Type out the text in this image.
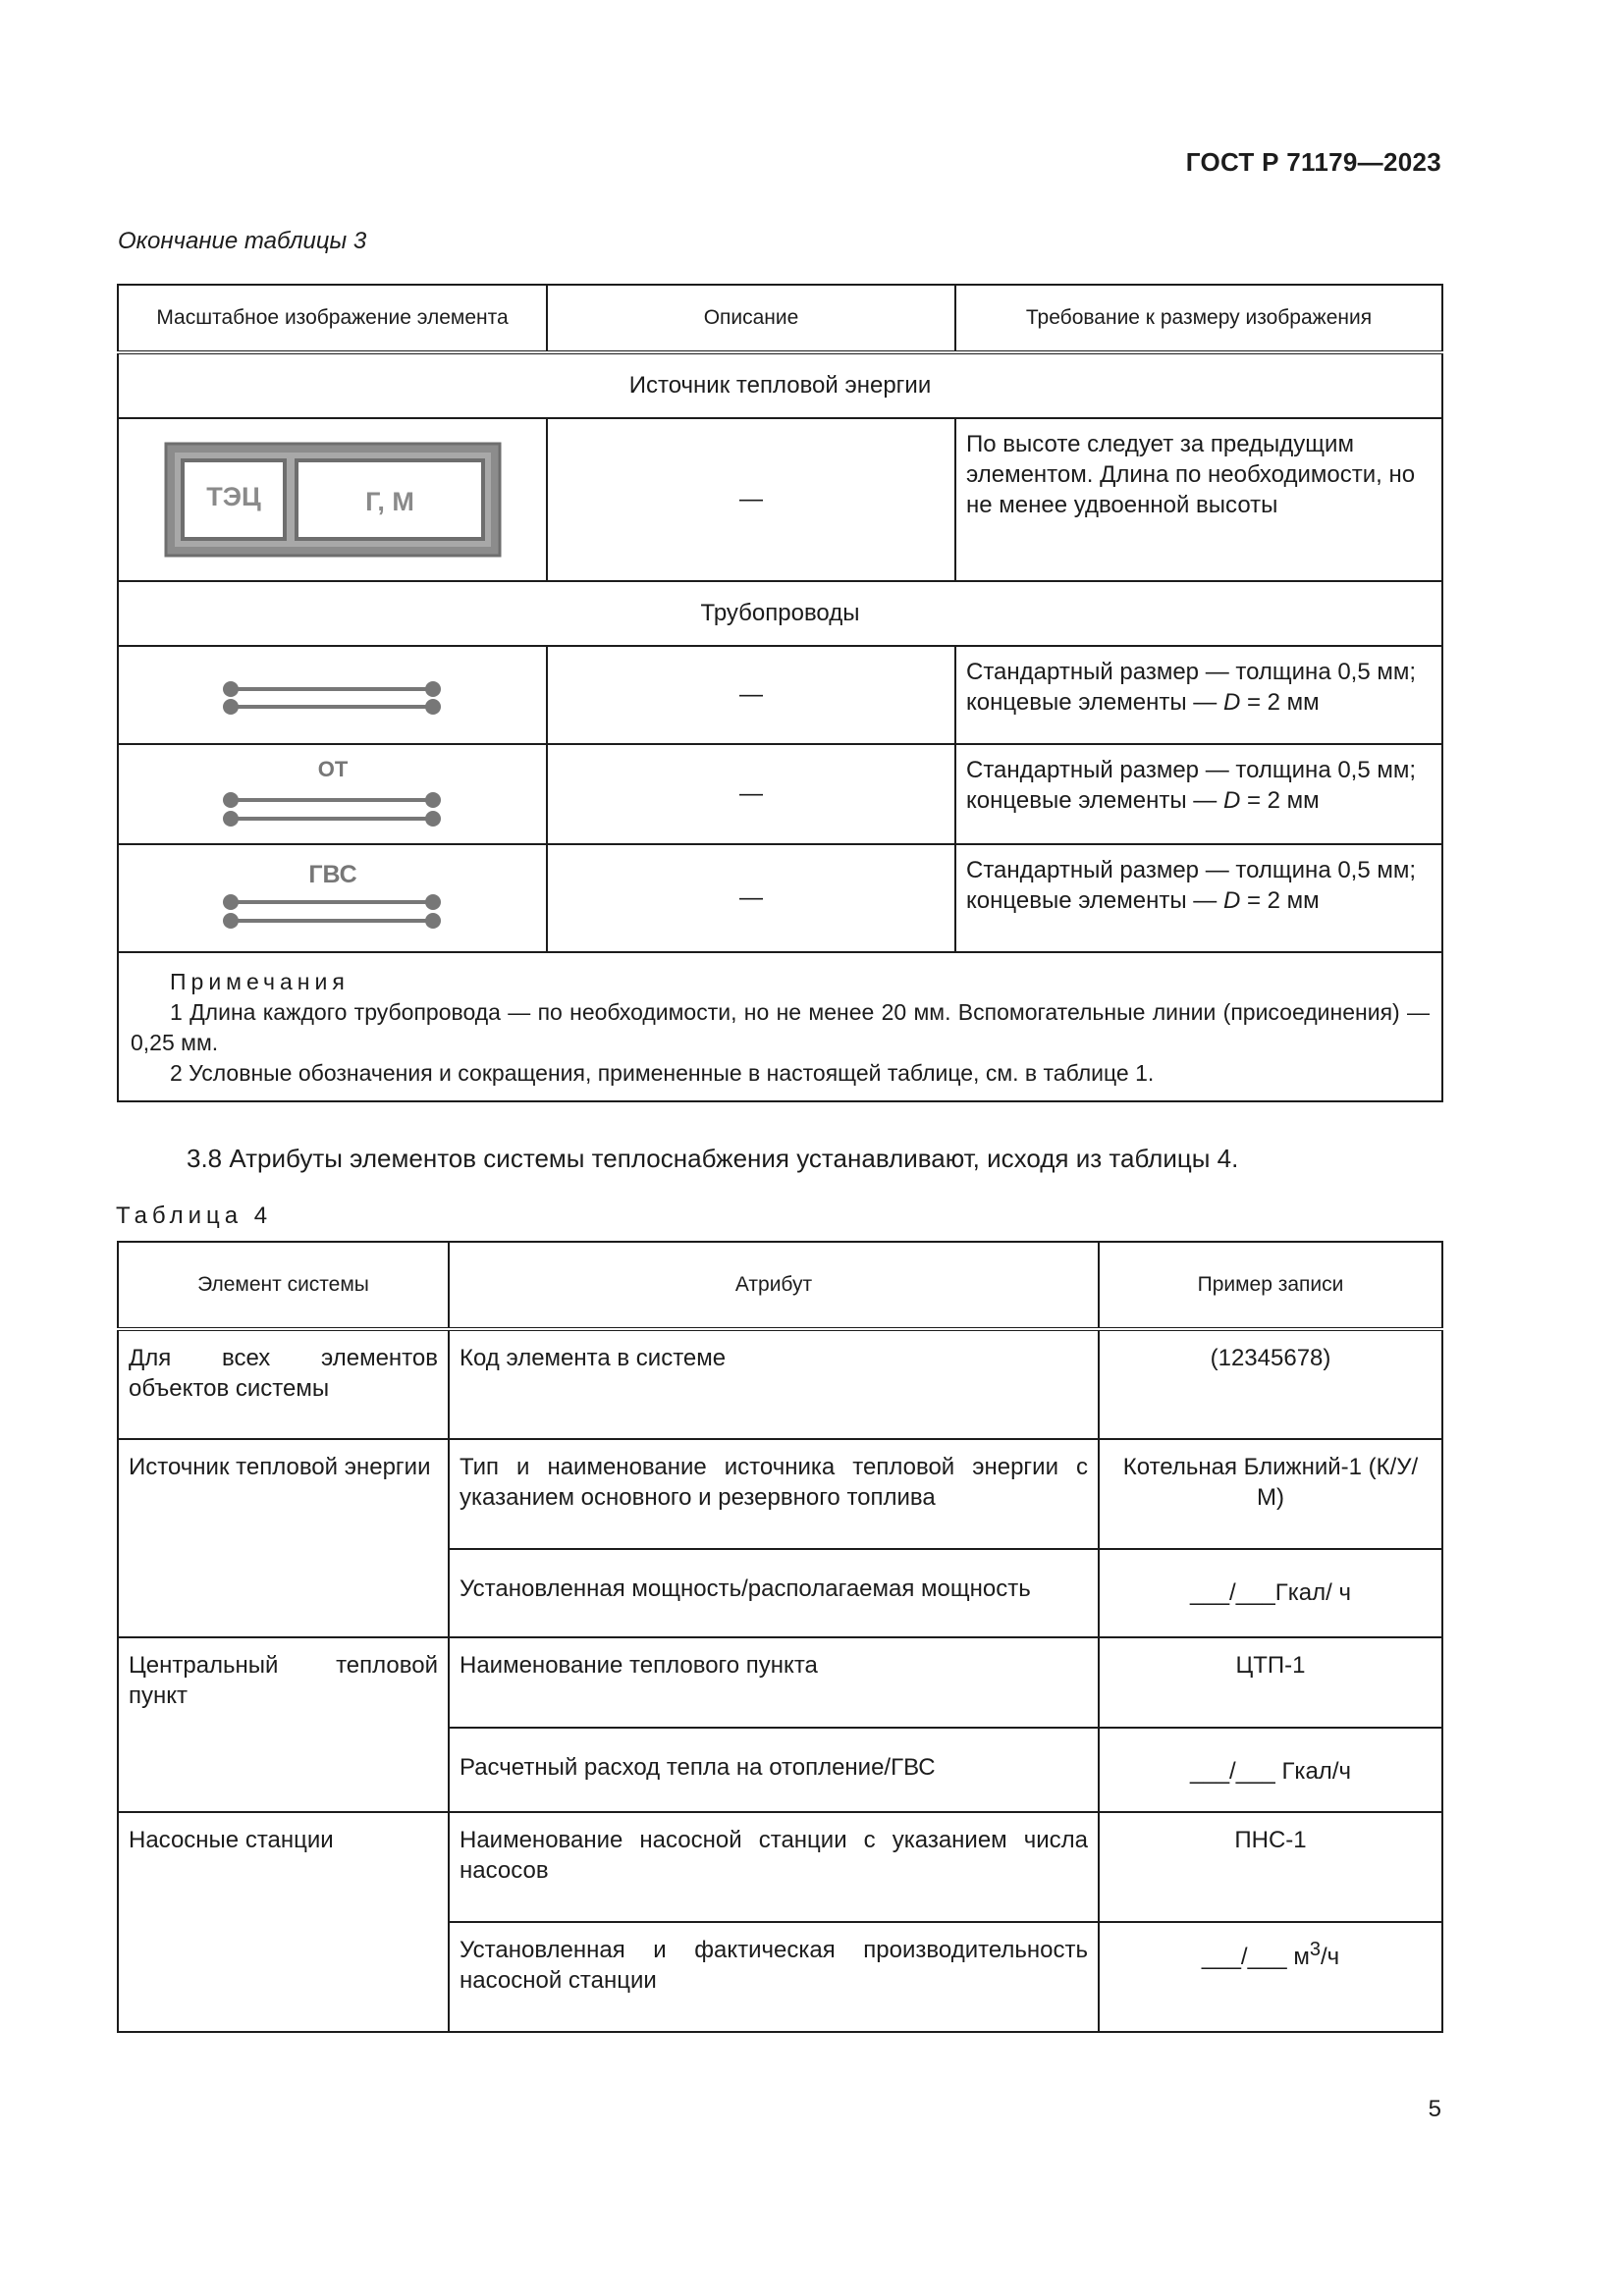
ГОСТ Р 71179—2023
Окончание таблицы 3
Масштабное изображение элемента	Описание	Требование к размеру изображения
Источник тепловой энергии		

ТЭЦ Г, М	—	По высоте следует за предыдущим элементом. Длина по необходимости, но не менее удвоенной высоты
Трубопроводы		

	—	Стандартный размер — толщина 0,5 мм; концевые элементы — D = 2 мм

ОТ	—	Стандартный размер — толщина 0,5 мм; концевые элементы — D = 2 мм

ГВС	—	Стандартный размер — толщина 0,5 мм; концевые элементы — D = 2 мм

Примечания
1 Длина каждого трубопровода — по необходимости, но не менее 20 мм. Вспомогательные линии (присоединения) — 0,25 мм.
2 Условные обозначения и сокращения, примененные в настоящей таблице, см. в таблице 1.		
3.8 Атрибуты элементов системы теплоснабжения устанавливают, исходя из таблицы 4.
Таблица 4
Элемент системы	Атрибут	Пример записи
Для всех элементов объектов системы	Код элемента в системе	(12345678)
Источник тепловой энергии	Тип и наименование источника тепловой энергии с указанием основного и резервного топлива	Котельная Ближний-1 (К/У/М)
	Установленная мощность/располагаемая мощность	___/___Гкал/ ч
Центральный тепловой пункт	Наименование теплового пункта	ЦТП-1
	Расчетный расход тепла на отопление/ГВС	___/___ Гкал/ч
Насосные станции	Наименование насосной станции с указанием числа насосов	ПНС-1
	Установленная и фактическая производительность насосной станции	___/___ $м^3/ч$
5
